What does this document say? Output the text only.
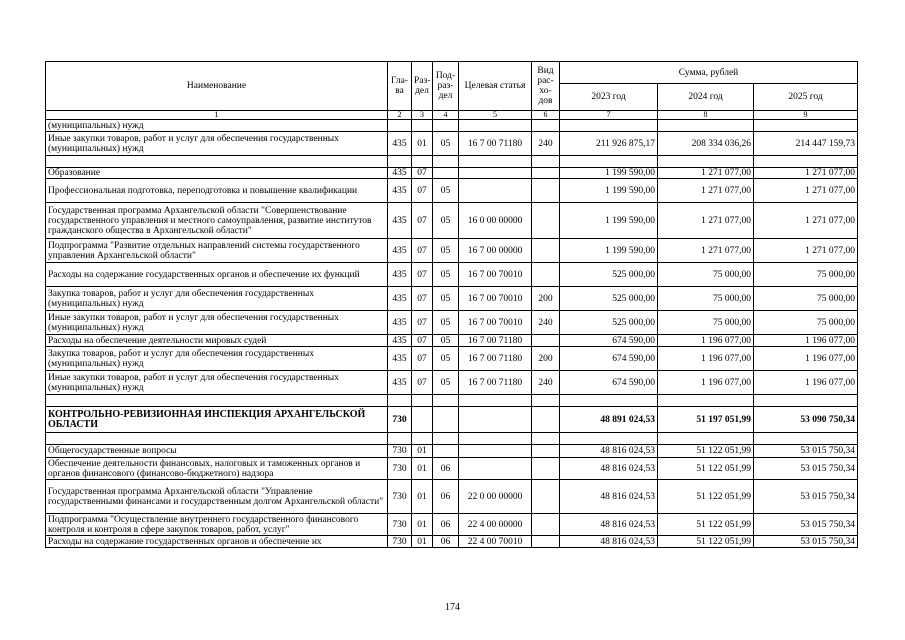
Наименование	Гла-ва	Раз-дел	Под-раз-дел	Целевая статья	Вид рас-хо-дов	Сумма, рублей		
						2023 год	2024 год	2025 год
1	2	3	4	5	6	7	8	9
(муниципальных) нужд								
Иные закупки товаров, работ и услуг для обеспечения государственных (муниципальных) нужд	435	01	05	16 7 00 71180	240	211 926 875,17	208 334 036,26	214 447 159,73

Образование	435	07				1 199 590,00	1 271 077,00	1 271 077,00
Профессиональная подготовка, переподготовка и повышение квалификации	435	07	05			1 199 590,00	1 271 077,00	1 271 077,00
Государственная программа Архангельской области "Совершенствование государственного управления и местного самоуправления, развитие институтов гражданского общества в Архангельской области"	435	07	05	16 0 00 00000		1 199 590,00	1 271 077,00	1 271 077,00
Подпрограмма "Развитие отдельных направлений системы государственного управления Архангельской области"	435	07	05	16 7 00 00000		1 199 590,00	1 271 077,00	1 271 077,00
Расходы на содержание государственных органов и обеспечение их функций	435	07	05	16 7 00 70010		525 000,00	75 000,00	75 000,00
Закупка товаров, работ и услуг для обеспечения государственных (муниципальных) нужд	435	07	05	16 7 00 70010	200	525 000,00	75 000,00	75 000,00
Иные закупки товаров, работ и услуг для обеспечения государственных (муниципальных) нужд	435	07	05	16 7 00 70010	240	525 000,00	75 000,00	75 000,00
Расходы на обеспечение деятельности мировых судей	435	07	05	16 7 00 71180		674 590,00	1 196 077,00	1 196 077,00
Закупка товаров, работ и услуг для обеспечения государственных (муниципальных) нужд	435	07	05	16 7 00 71180	200	674 590,00	1 196 077,00	1 196 077,00
Иные закупки товаров, работ и услуг для обеспечения государственных (муниципальных) нужд	435	07	05	16 7 00 71180	240	674 590,00	1 196 077,00	1 196 077,00

КОНТРОЛЬНО-РЕВИЗИОННАЯ ИНСПЕКЦИЯ АРХАНГЕЛЬСКОЙ ОБЛАСТИ	730					48 891 024,53	51 197 051,99	53 090 750,34

Общегосударственные вопросы	730	01				48 816 024,53	51 122 051,99	53 015 750,34
Обеспечение деятельности финансовых, налоговых и таможенных органов и органов финансового (финансово-бюджетного) надзора	730	01	06			48 816 024,53	51 122 051,99	53 015 750,34
Государственная программа Архангельской области "Управление государственными финансами и государственным долгом Архангельской области"	730	01	06	22 0 00 00000		48 816 024,53	51 122 051,99	53 015 750,34
Подпрограмма "Осуществление внутреннего государственного финансового контроля и контроля в сфере закупок товаров, работ, услуг"	730	01	06	22 4 00 00000		48 816 024,53	51 122 051,99	53 015 750,34
Расходы на содержание государственных органов и обеспечение их	730	01	06	22 4 00 70010		48 816 024,53	51 122 051,99	53 015 750,34
174
